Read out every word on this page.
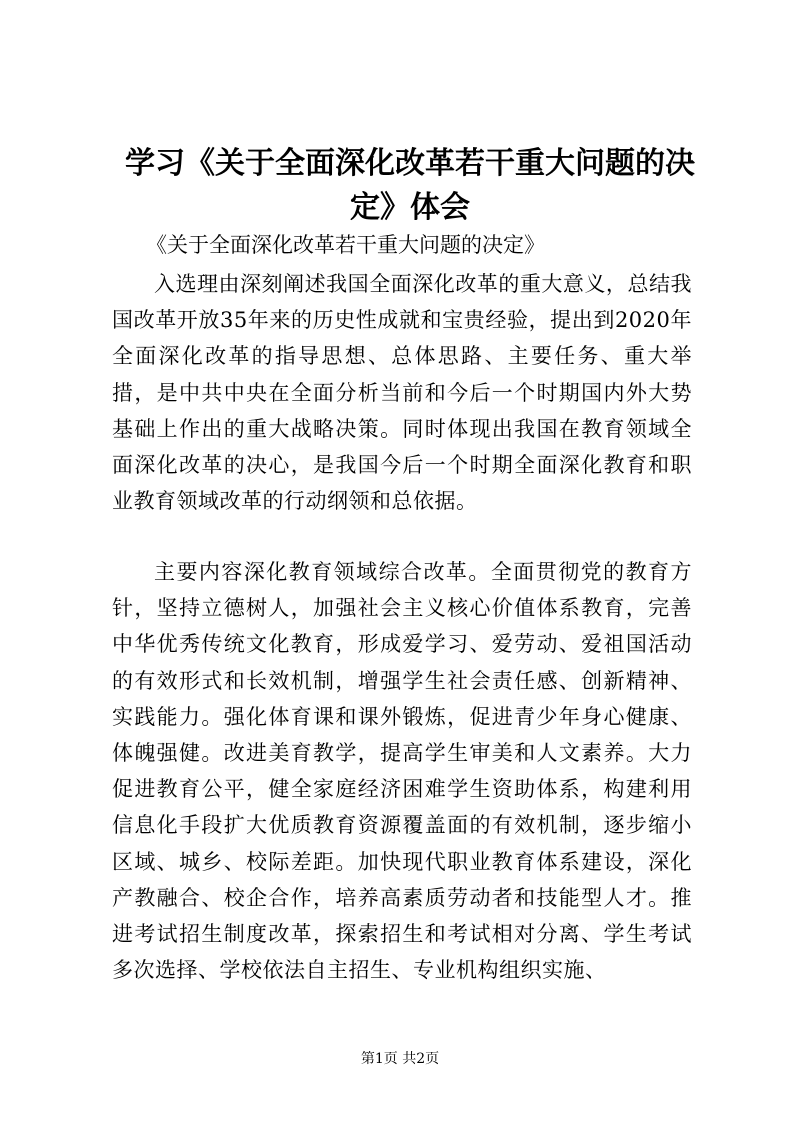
学习《关于全面深化改革若干重大问题的决定》体会

《关于全面深化改革若干重大问题的决定》

入选理由深刻阐述我国全面深化改革的重大意义，总结我国改革开放35年来的历史性成就和宝贵经验，提出到2020年全面深化改革的指导思想、总体思路、主要任务、重大举措，是中共中央在全面分析当前和今后一个时期国内外大势基础上作出的重大战略决策。同时体现出我国在教育领域全面深化改革的决心，是我国今后一个时期全面深化教育和职业教育领域改革的行动纲领和总依据。

主要内容深化教育领域综合改革。全面贯彻党的教育方针，坚持立德树人，加强社会主义核心价值体系教育，完善中华优秀传统文化教育，形成爱学习、爱劳动、爱祖国活动的有效形式和长效机制，增强学生社会责任感、创新精神、实践能力。强化体育课和课外锻炼，促进青少年身心健康、体魄强健。改进美育教学，提高学生审美和人文素养。大力促进教育公平，健全家庭经济困难学生资助体系，构建利用信息化手段扩大优质教育资源覆盖面的有效机制，逐步缩小区域、城乡、校际差距。加快现代职业教育体系建设，深化产教融合、校企合作，培养高素质劳动者和技能型人才。推进考试招生制度改革，探索招生和考试相对分离、学生考试多次选择、学校依法自主招生、专业机构组织实施、

第1页 共2页
